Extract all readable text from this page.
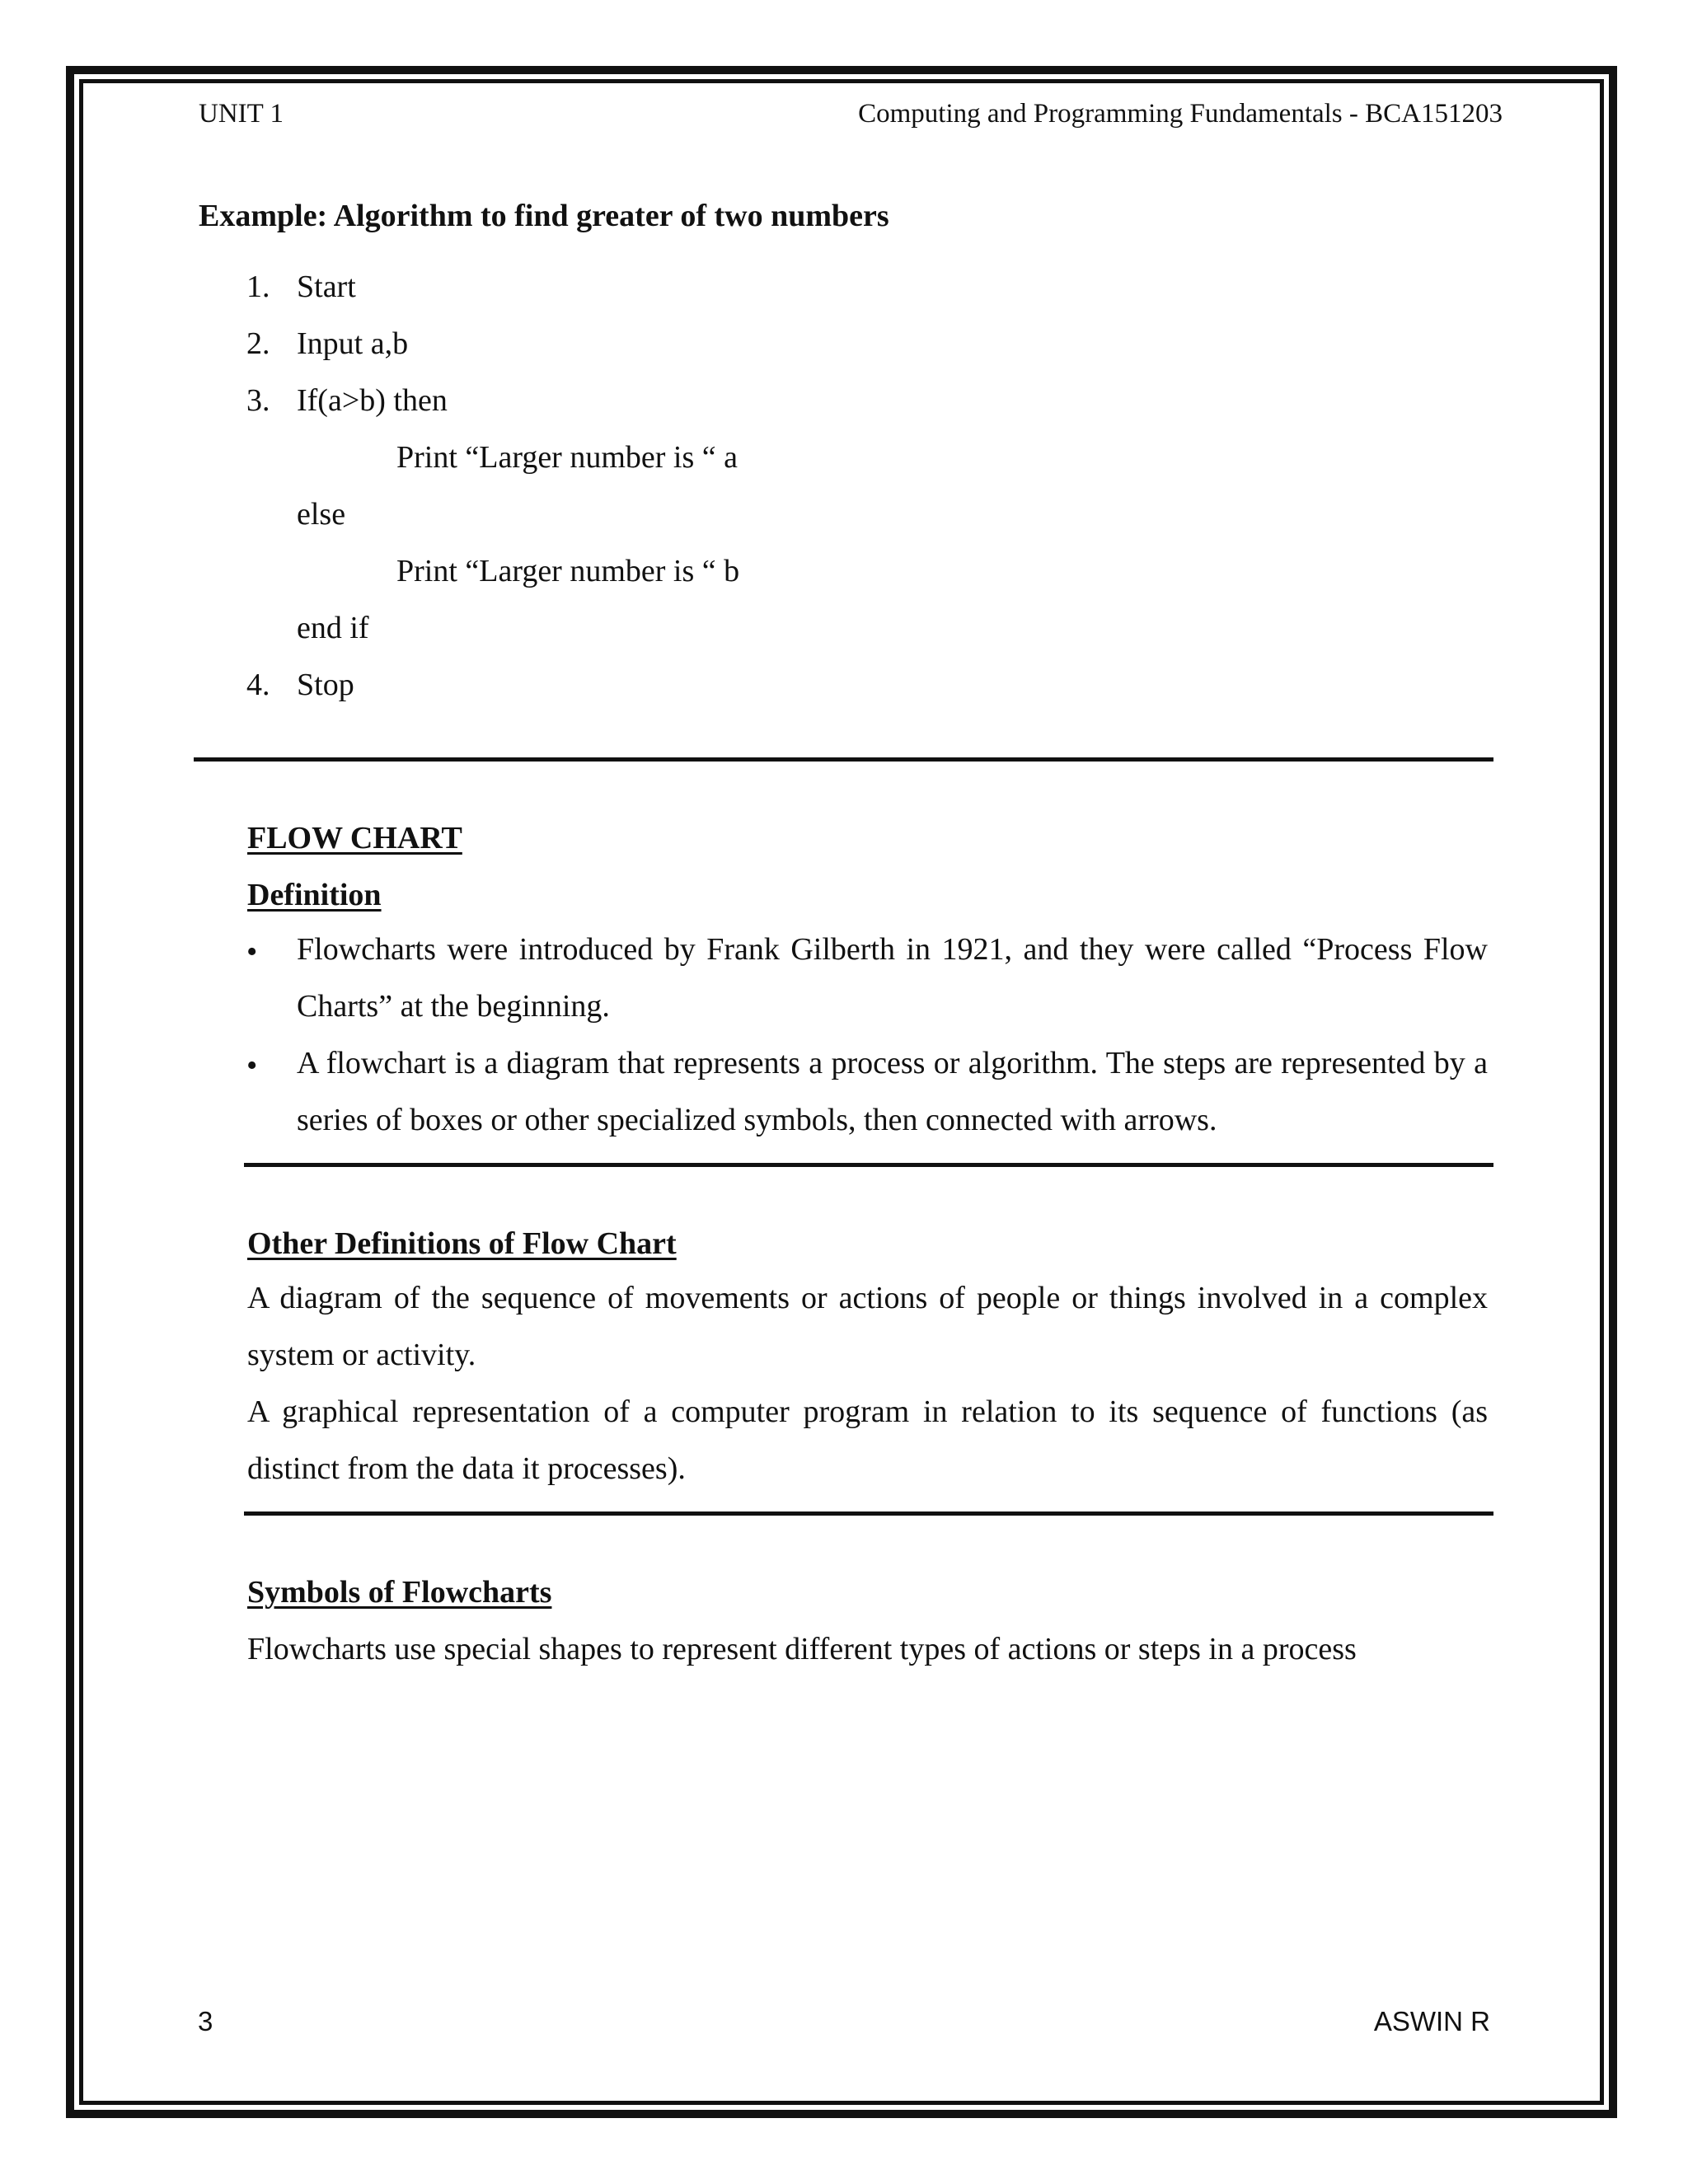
UNIT 1	Computing and Programming Fundamentals - BCA151203
Example: Algorithm to find greater of two numbers
1. Start
2. Input a,b
3. If(a>b) then
Print “Larger number is “ a
else
Print “Larger number is “ b
end if
4. Stop
FLOW CHART
Definition
• Flowcharts were introduced by Frank Gilberth in 1921, and they were called “Process Flow Charts” at the beginning.
• A flowchart is a diagram that represents a process or algorithm. The steps are represented by a series of boxes or other specialized symbols, then connected with arrows.
Other Definitions of Flow Chart
A diagram of the sequence of movements or actions of people or things involved in a complex system or activity.
A graphical representation of a computer program in relation to its sequence of functions (as distinct from the data it processes).
Symbols of Flowcharts
Flowcharts use special shapes to represent different types of actions or steps in a process
3	ASWIN R
